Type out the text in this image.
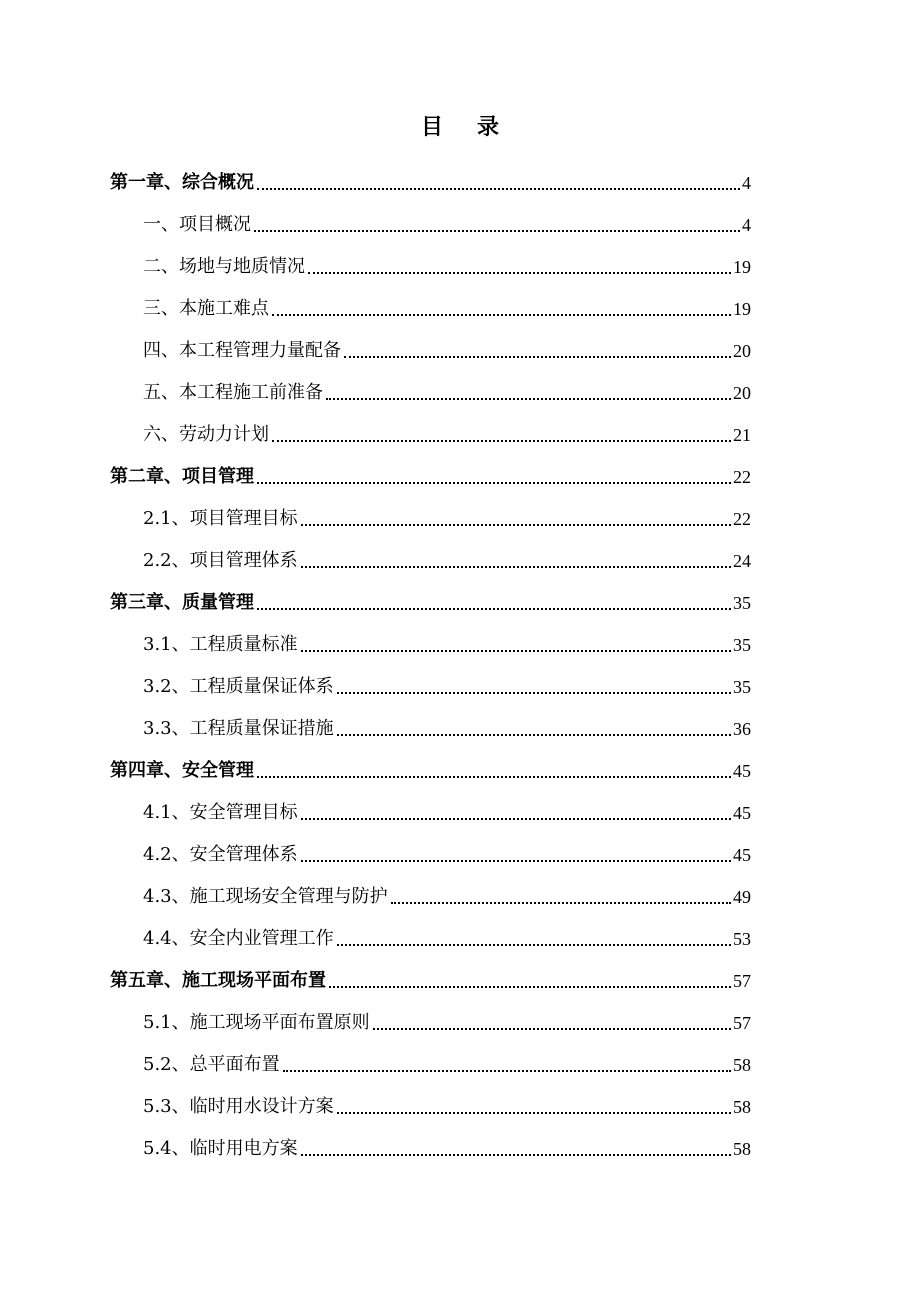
目录
第一章、综合概况	4
一、项目概况	4
二、场地与地质情况	19
三、本施工难点	19
四、本工程管理力量配备	20
五、本工程施工前准备	20
六、劳动力计划	21
第二章、项目管理	22
2.1、项目管理目标	22
2.2、项目管理体系	24
第三章、质量管理	35
3.1、工程质量标准	35
3.2、工程质量保证体系	35
3.3、工程质量保证措施	36
第四章、安全管理	45
4.1、安全管理目标	45
4.2、安全管理体系	45
4.3、施工现场安全管理与防护	49
4.4、安全内业管理工作	53
第五章、施工现场平面布置	57
5.1、施工现场平面布置原则	57
5.2、总平面布置	58
5.3、临时用水设计方案	58
5.4、临时用电方案	58
